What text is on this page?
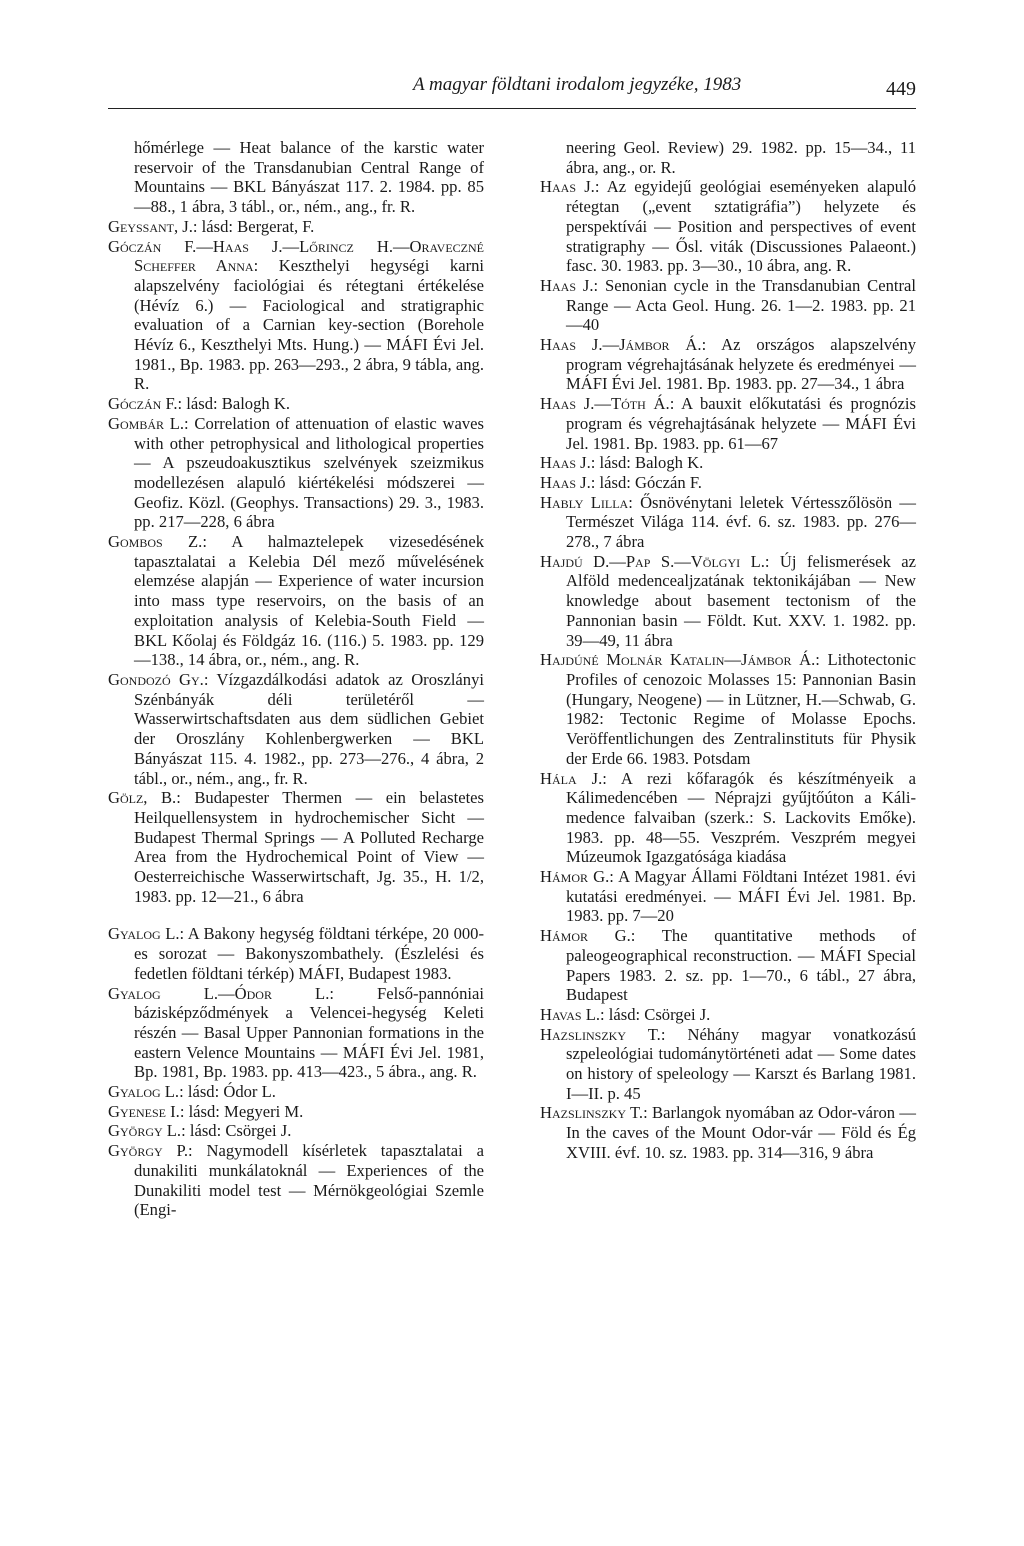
A magyar földtani irodalom jegyzéke, 1983	449

hőmérlege — Heat balance of the karstic water reservoir of the Transdanubian Central Range of Mountains — BKL Bányászat 117. 2. 1984. pp. 85—88., 1 ábra, 3 tábl., or., ném., ang., fr. R.

Geyssant, J.: lásd: Bergerat, F.

Góczán F.—Haas J.—Lőrincz H.—Oraveczné Scheffer Anna: Keszthelyi hegységi karni alapszelvény faciológiai és rétegtani értékelése (Hévíz 6.) — Faciological and stratigraphic evaluation of a Carnian key-section (Borehole Hévíz 6., Keszthelyi Mts. Hung.) — MÁFI Évi Jel. 1981., Bp. 1983. pp. 263—293., 2 ábra, 9 tábla, ang. R.

Góczán F.: lásd: Balogh K.

Gombár L.: Correlation of attenuation of elastic waves with other petrophysical and lithological properties — A pszeudoakusztikus szelvények szeizmikus modellezésen alapuló kiértékelési módszerei — Geofiz. Közl. (Geophys. Transactions) 29. 3., 1983. pp. 217—228, 6 ábra

Gombos Z.: A halmaztelepek vizesedésének tapasztalatai a Kelebia Dél mező művelésének elemzése alapján — Experience of water incursion into mass type reservoirs, on the basis of an exploitation analysis of Kelebia-South Field — BKL Kőolaj és Földgáz 16. (116.) 5. 1983. pp. 129—138., 14 ábra, or., ném., ang. R.

Gondozó Gy.: Vízgazdálkodási adatok az Oroszlányi Szénbányák déli területéről — Wasserwirtschaftsdaten aus dem südlichen Gebiet der Oroszlány Kohlenbergwerken — BKL Bányászat 115. 4. 1982., pp. 273—276., 4 ábra, 2 tábl., or., ném., ang., fr. R.

Gölz, B.: Budapester Thermen — ein belastetes Heilquellensystem in hydrochemischer Sicht — Budapest Thermal Springs — A Polluted Recharge Area from the Hydrochemical Point of View — Oesterreichische Wasserwirtschaft, Jg. 35., H. 1/2, 1983. pp. 12—21., 6 ábra

Gyalog L.: A Bakony hegység földtani térképe, 20 000-es sorozat — Bakonyszombathely. (Észlelési és fedetlen földtani térkép) MÁFI, Budapest 1983.

Gyalog L.—Ódor L.: Felső-pannóniai bázisképződmények a Velencei-hegység Keleti részén — Basal Upper Pannonian formations in the eastern Velence Mountains — MÁFI Évi Jel. 1981, Bp. 1981, Bp. 1983. pp. 413—423., 5 ábra., ang. R.

Gyalog L.: lásd: Ódor L.

Gyenese I.: lásd: Megyeri M.

György L.: lásd: Csörgei J.

György P.: Nagymodell kísérletek tapasztalatai a dunakiliti munkálatoknál — Experiences of the Dunakiliti model test — Mérnökgeológiai Szemle (Engi-

neering Geol. Review) 29. 1982. pp. 15—34., 11 ábra, ang., or. R.

Haas J.: Az egyidejű geológiai eseményeken alapuló rétegtan („event sztatigráfia”) helyzete és perspektívái — Position and perspectives of event stratigraphy — Ősl. viták (Discussiones Palaeont.) fasc. 30. 1983. pp. 3—30., 10 ábra, ang. R.

Haas J.: Senonian cycle in the Transdanubian Central Range — Acta Geol. Hung. 26. 1—2. 1983. pp. 21—40

Haas J.—Jámbor Á.: Az országos alapszelvény program végrehajtásának helyzete és eredményei — MÁFI Évi Jel. 1981. Bp. 1983. pp. 27—34., 1 ábra

Haas J.—Tóth Á.: A bauxit előkutatási és prognózis program és végrehajtásának helyzete — MÁFI Évi Jel. 1981. Bp. 1983. pp. 61—67

Haas J.: lásd: Balogh K.

Haas J.: lásd: Góczán F.

Hably Lilla: Ősnövénytani leletek Vértesszőlösön — Természet Világa 114. évf. 6. sz. 1983. pp. 276—278., 7 ábra

Hajdú D.—Pap S.—Völgyi L.: Új felismerések az Alföld medencealjzatának tektonikájában — New knowledge about basement tectonism of the Pannonian basin — Földt. Kut. XXV. 1. 1982. pp. 39—49, 11 ábra

Hajdúné Molnár Katalin—Jámbor Á.: Lithotectonic Profiles of cenozoic Molasses 15: Pannonian Basin (Hungary, Neogene) — in Lützner, H.—Schwab, G. 1982: Tectonic Regime of Molasse Epochs. Veröffentlichungen des Zentralinstituts für Physik der Erde 66. 1983. Potsdam

Hála J.: A rezi kőfaragók és készítményeik a Kálimedencében — Néprajzi gyűjtőúton a Káli-medence falvaiban (szerk.: S. Lackovits Emőke). 1983. pp. 48—55. Veszprém. Veszprém megyei Múzeumok Igazgatósága kiadása

Hámor G.: A Magyar Állami Földtani Intézet 1981. évi kutatási eredményei. — MÁFI Évi Jel. 1981. Bp. 1983. pp. 7—20

Hámor G.: The quantitative methods of paleogeographical reconstruction. — MÁFI Special Papers 1983. 2. sz. pp. 1—70., 6 tábl., 27 ábra, Budapest

Havas L.: lásd: Csörgei J.

Hazslinszky T.: Néhány magyar vonatkozású szpeleológiai tudománytörténeti adat — Some dates on history of speleology — Karszt és Barlang 1981. I—II. p. 45

Hazslinszky T.: Barlangok nyomában az Odor-váron — In the caves of the Mount Odor-vár — Föld és Ég XVIII. évf. 10. sz. 1983. pp. 314—316, 9 ábra
